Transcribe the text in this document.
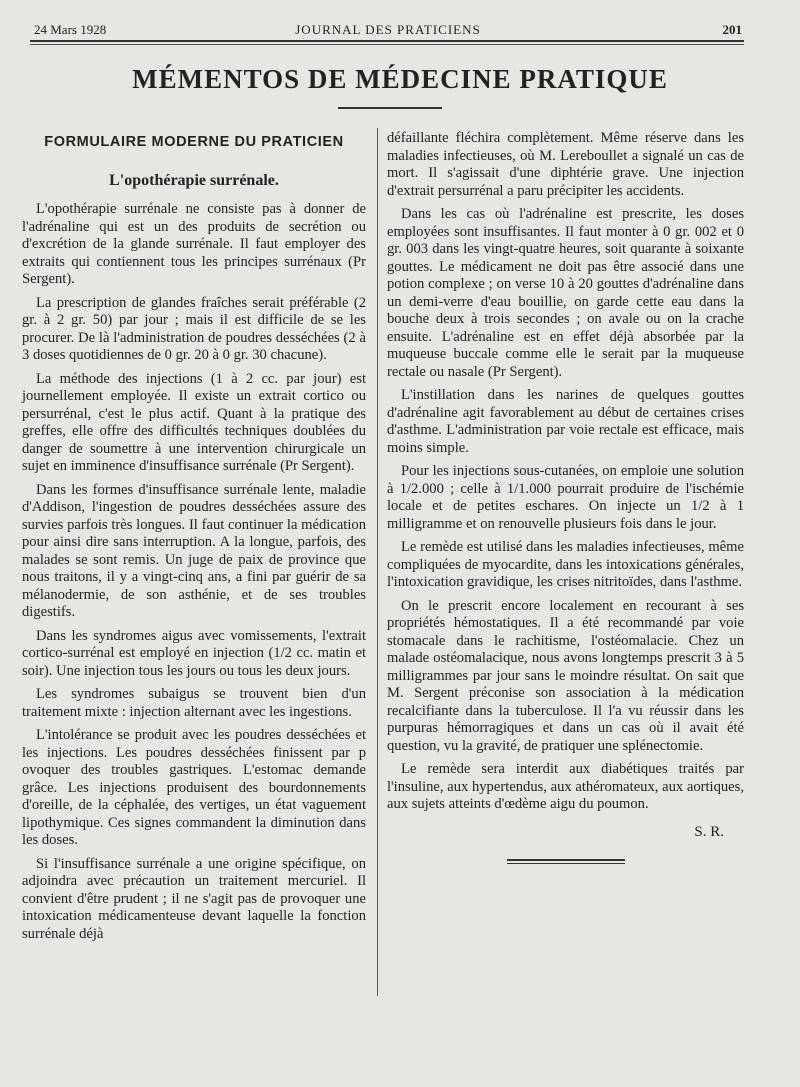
24 Mars 1928	JOURNAL DES PRATICIENS	201
MÉMENTOS DE MÉDECINE PRATIQUE
FORMULAIRE MODERNE DU PRATICIEN
L'opothérapie surrénale.

L'opothérapie surrénale ne consiste pas à donner de l'adrénaline qui est un des produits de secrétion ou d'excrétion de la glande surrénale. Il faut employer des extraits qui contiennent tous les principes surrénaux (Pr Sergent).

La prescription de glandes fraîches serait préférable (2 gr. à 2 gr. 50) par jour ; mais il est difficile de se les procurer. De là l'administration de poudres desséchées (2 à 3 doses quotidiennes de 0 gr. 20 à 0 gr. 30 chacune).

La méthode des injections (1 à 2 cc. par jour) est journellement employée. Il existe un extrait cortico ou persurrénal, c'est le plus actif. Quant à la pratique des greffes, elle offre des difficultés techniques doublées du danger de soumettre à une intervention chirurgicale un sujet en imminence d'insuffisance surrénale (Pr Sergent).

Dans les formes d'insuffisance surrénale lente, maladie d'Addison, l'ingestion de poudres desséchées assure des survies parfois très longues. Il faut continuer la médication pour ainsi dire sans interruption. A la longue, parfois, des malades se sont remis. Un juge de paix de province que nous traitons, il y a vingt-cinq ans, a fini par guérir de sa mélanodermie, de son asthénie, et de ses troubles digestifs.

Dans les syndromes aigus avec vomissements, l'extrait cortico-surrénal est employé en injection (1/2 cc. matin et soir). Une injection tous les jours ou tous les deux jours.

Les syndromes subaigus se trouvent bien d'un traitement mixte : injection alternant avec les ingestions.

L'intolérance se produit avec les poudres desséchées et les injections. Les poudres desséchées finissent par p ovoquer des troubles gastriques. L'estomac demande grâce. Les injections produisent des bourdonnements d'oreille, de la céphalée, des vertiges, un état vaguement lipothymique. Ces signes commandent la diminution dans les doses.

Si l'insuffisance surrénale a une origine spécifique, on adjoindra avec précaution un traitement mercuriel. Il convient d'être prudent ; il ne s'agit pas de provoquer une intoxication médicamenteuse devant laquelle la fonction surrénale déjà

défaillante fléchira complètement. Même réserve dans les maladies infectieuses, où M. Lereboullet a signalé un cas de mort. Il s'agissait d'une diphtérie grave. Une injection d'extrait persurrénal a paru précipiter les accidents.

Dans les cas où l'adrénaline est prescrite, les doses employées sont insuffisantes. Il faut monter à 0 gr. 002 et 0 gr. 003 dans les vingt-quatre heures, soit quarante à soixante gouttes. Le médicament ne doit pas être associé dans une potion complexe ; on verse 10 à 20 gouttes d'adrénaline dans un demi-verre d'eau bouillie, on garde cette eau dans la bouche deux à trois secondes ; on avale ou on la crache ensuite. L'adrénaline est en effet déjà absorbée par la muqueuse buccale comme elle le serait par la muqueuse rectale ou nasale (Pr Sergent).

L'instillation dans les narines de quelques gouttes d'adrénaline agit favorablement au début de certaines crises d'asthme. L'administration par voie rectale est efficace, mais moins simple.

Pour les injections sous-cutanées, on emploie une solution à 1/2.000 ; celle à 1/1.000 pourrait produire de l'ischémie locale et de petites eschares. On injecte un 1/2 à 1 milligramme et on renouvelle plusieurs fois dans le jour.

Le remède est utilisé dans les maladies infectieuses, même compliquées de myocardite, dans les intoxications générales, l'intoxication gravidique, les crises nitritoïdes, dans l'asthme.

On le prescrit encore localement en recourant à ses propriétés hémostatiques. Il a été recommandé par voie stomacale dans le rachitisme, l'ostéomalacie. Chez un malade ostéomalacique, nous avons longtemps prescrit 3 à 5 milligrammes par jour sans le moindre résultat. On sait que M. Sergent préconise son association à la médication recalcifiante dans la tuberculose. Il l'a vu réussir dans les purpuras hémorragiques et dans un cas où il avait été question, vu la gravité, de pratiquer une splénectomie.

Le remède sera interdit aux diabétiques traités par l'insuline, aux hypertendus, aux athéromateux, aux aortiques, aux sujets atteints d'œdème aigu du poumon.

S. R.
